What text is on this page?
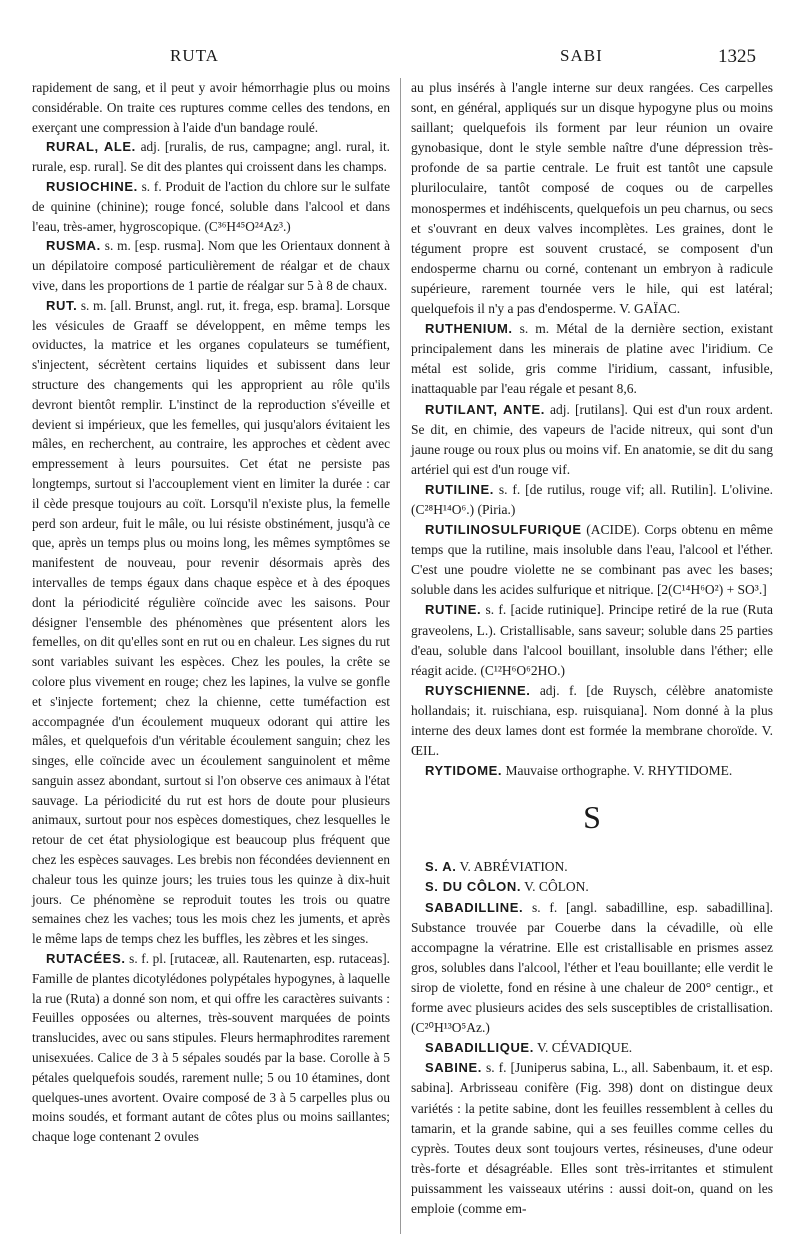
RUTA	SABI	1325

rapidement de sang, et il peut y avoir hémorrhagie plus ou moins considérable. On traite ces ruptures comme celles des tendons, en exerçant une compression à l'aide d'un bandage roulé.

RURAL, ALE. adj. [ruralis, de rus, campagne; angl. rural, it. rurale, esp. rural]. Se dit des plantes qui croissent dans les champs.

RUSIOCHINE. s. f. Produit de l'action du chlore sur le sulfate de quinine (chinine); rouge foncé, soluble dans l'alcool et dans l'eau, très-amer, hygroscopique. (C³⁶H⁴⁵O²⁴Az³.)

RUSMA. s. m. [esp. rusma]. Nom que les Orientaux donnent à un dépilatoire composé particulièrement de réalgar et de chaux vive, dans les proportions de 1 partie de réalgar sur 5 à 8 de chaux.

RUT. s. m. [all. Brunst, angl. rut, it. frega, esp. brama]. Lorsque les vésicules de Graaff se développent, en même temps les oviductes, la matrice et les organes copulateurs se tuméfient, s'injectent, sécrètent certains liquides et subissent dans leur structure des changements qui les approprient au rôle qu'ils devront bientôt remplir. L'instinct de la reproduction s'éveille et devient si impérieux, que les femelles, qui jusqu'alors évitaient les mâles, en recherchent, au contraire, les approches et cèdent avec empressement à leurs poursuites. Cet état ne persiste pas longtemps, surtout si l'accouplement vient en limiter la durée : car il cède presque toujours au coït. Lorsqu'il n'existe plus, la femelle perd son ardeur, fuit le mâle, ou lui résiste obstinément, jusqu'à ce que, après un temps plus ou moins long, les mêmes symptômes se manifestent de nouveau, pour revenir désormais après des intervalles de temps égaux dans chaque espèce et à des époques dont la périodicité régulière coïncide avec les saisons. Pour désigner l'ensemble des phénomènes que présentent alors les femelles, on dit qu'elles sont en rut ou en chaleur. Les signes du rut sont variables suivant les espèces. Chez les poules, la crête se colore plus vivement en rouge; chez les lapines, la vulve se gonfle et s'injecte fortement; chez la chienne, cette tuméfaction est accompagnée d'un écoulement muqueux odorant qui attire les mâles, et quelquefois d'un véritable écoulement sanguin; chez les singes, elle coïncide avec un écoulement sanguinolent et même sanguin assez abondant, surtout si l'on observe ces animaux à l'état sauvage. La périodicité du rut est hors de doute pour plusieurs animaux, surtout pour nos espèces domestiques, chez lesquelles le retour de cet état physiologique est beaucoup plus fréquent que chez les espèces sauvages. Les brebis non fécondées deviennent en chaleur tous les quinze jours; les truies tous les quinze à dix-huit jours. Ce phénomène se reproduit toutes les trois ou quatre semaines chez les vaches; tous les mois chez les juments, et après le même laps de temps chez les buffles, les zèbres et les singes.

RUTACÉES. s. f. pl. [rutaceæ, all. Rautenarten, esp. rutaceas]. Famille de plantes dicotylédones polypétales hypogynes, à laquelle la rue (Ruta) a donné son nom, et qui offre les caractères suivants : Feuilles opposées ou alternes, très-souvent marquées de points translucides, avec ou sans stipules. Fleurs hermaphrodites rarement unisexuées. Calice de 3 à 5 sépales soudés par la base. Corolle à 5 pétales quelquefois soudés, rarement nulle; 5 ou 10 étamines, dont quelques-unes avortent. Ovaire composé de 3 à 5 carpelles plus ou moins soudés, et formant autant de côtes plus ou moins saillantes; chaque loge contenant 2 ovules

au plus insérés à l'angle interne sur deux rangées. Ces carpelles sont, en général, appliqués sur un disque hypogyne plus ou moins saillant; quelquefois ils forment par leur réunion un ovaire gynobasique, dont le style semble naître d'une dépression très-profonde de sa partie centrale. Le fruit est tantôt une capsule pluriloculaire, tantôt composé de coques ou de carpelles monospermes et indéhiscents, quelquefois un peu charnus, ou secs et s'ouvrant en deux valves incomplètes. Les graines, dont le tégument propre est souvent crustacé, se composent d'un endosperme charnu ou corné, contenant un embryon à radicule supérieure, rarement tournée vers le hile, qui est latéral; quelquefois il n'y a pas d'endosperme. V. GAÏAC.

RUTHENIUM. s. m. Métal de la dernière section, existant principalement dans les minerais de platine avec l'iridium. Ce métal est solide, gris comme l'iridium, cassant, infusible, inattaquable par l'eau régale et pesant 8,6.

RUTILANT, ANTE. adj. [rutilans]. Qui est d'un roux ardent. Se dit, en chimie, des vapeurs de l'acide nitreux, qui sont d'un jaune rouge ou roux plus ou moins vif. En anatomie, se dit du sang artériel qui est d'un rouge vif.

RUTILINE. s. f. [de rutilus, rouge vif; all. Rutilin]. L'olivine. (C²⁸H¹⁴O⁶.) (Piria.)

RUTILINOSULFURIQUE (ACIDE). Corps obtenu en même temps que la rutiline, mais insoluble dans l'eau, l'alcool et l'éther. C'est une poudre violette ne se combinant pas avec les bases; soluble dans les acides sulfurique et nitrique. [2(C¹⁴H⁶O²) + SO³.]

RUTINE. s. f. [acide rutinique]. Principe retiré de la rue (Ruta graveolens, L.). Cristallisable, sans saveur; soluble dans 25 parties d'eau, soluble dans l'alcool bouillant, insoluble dans l'éther; elle réagit acide. (C¹²H⁶O⁶2HO.)

RUYSCHIENNE. adj. f. [de Ruysch, célèbre anatomiste hollandais; it. ruischiana, esp. ruisquiana]. Nom donné à la plus interne des deux lames dont est formée la membrane choroïde. V. ŒIL.

RYTIDOME. Mauvaise orthographe. V. RHYTIDOME.

S

S. A. V. ABRÉVIATION.

S. DU CÔLON. V. CÔLON.

SABADILLINE. s. f. [angl. sabadilline, esp. sabadillina]. Substance trouvée par Couerbe dans la cévadille, où elle accompagne la vératrine. Elle est cristallisable en prismes assez gros, solubles dans l'alcool, l'éther et l'eau bouillante; elle verdit le sirop de violette, fond en résine à une chaleur de 200° centigr., et forme avec plusieurs acides des sels susceptibles de cristallisation. (C²⁰H¹³O⁵Az.)

SABADILLIQUE. V. CÉVADIQUE.

SABINE. s. f. [Juniperus sabina, L., all. Sabenbaum, it. et esp. sabina]. Arbrisseau conifère (Fig. 398) dont on distingue deux variétés : la petite sabine, dont les feuilles ressemblent à celles du tamarin, et la grande sabine, qui a ses feuilles comme celles du cyprès. Toutes deux sont toujours vertes, résineuses, d'une odeur très-forte et désagréable. Elles sont très-irritantes et stimulent puissamment les vaisseaux utérins : aussi doit-on, quand on les emploie (comme em-
